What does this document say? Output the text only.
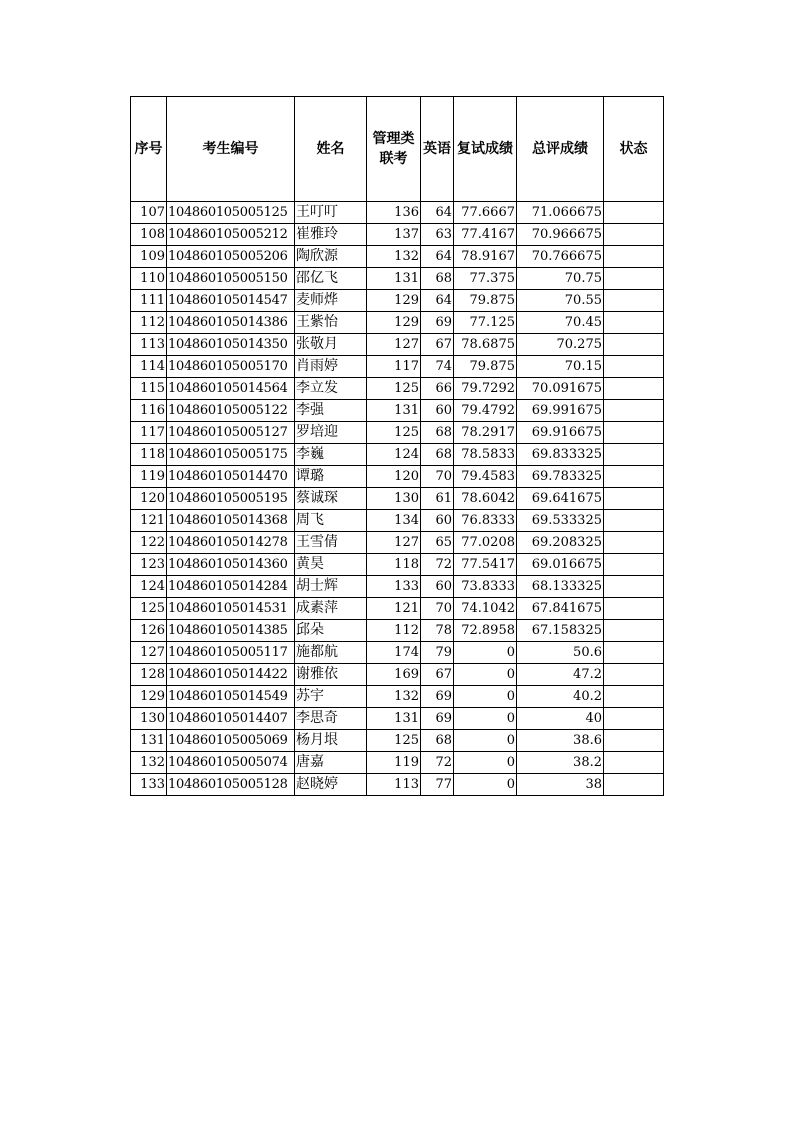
序号	考生编号	姓名	管理类联考	英语	复试成绩	总评成绩	状态
107	104860105005125	王叮叮	136	64	77.6667	71.066675	
108	104860105005212	崔雅玲	137	63	77.4167	70.966675	
109	104860105005206	陶欣源	132	64	78.9167	70.766675	
110	104860105005150	邵亿飞	131	68	77.375	70.75	
111	104860105014547	麦师烨	129	64	79.875	70.55	
112	104860105014386	王紫怡	129	69	77.125	70.45	
113	104860105014350	张敬月	127	67	78.6875	70.275	
114	104860105005170	肖雨婷	117	74	79.875	70.15	
115	104860105014564	李立发	125	66	79.7292	70.091675	
116	104860105005122	李强	131	60	79.4792	69.991675	
117	104860105005127	罗培迎	125	68	78.2917	69.916675	
118	104860105005175	李巍	124	68	78.5833	69.833325	
119	104860105014470	谭璐	120	70	79.4583	69.783325	
120	104860105005195	蔡诚琛	130	61	78.6042	69.641675	
121	104860105014368	周飞	134	60	76.8333	69.533325	
122	104860105014278	王雪倩	127	65	77.0208	69.208325	
123	104860105014360	黄昊	118	72	77.5417	69.016675	
124	104860105014284	胡士辉	133	60	73.8333	68.133325	
125	104860105014531	成素萍	121	70	74.1042	67.841675	
126	104860105014385	邱朵	112	78	72.8958	67.158325	
127	104860105005117	施都航	174	79	0	50.6	
128	104860105014422	谢雅依	169	67	0	47.2	
129	104860105014549	苏宇	132	69	0	40.2	
130	104860105014407	李思奇	131	69	0	40	
131	104860105005069	杨月垠	125	68	0	38.6	
132	104860105005074	唐嘉	119	72	0	38.2	
133	104860105005128	赵晓婷	113	77	0	38	
